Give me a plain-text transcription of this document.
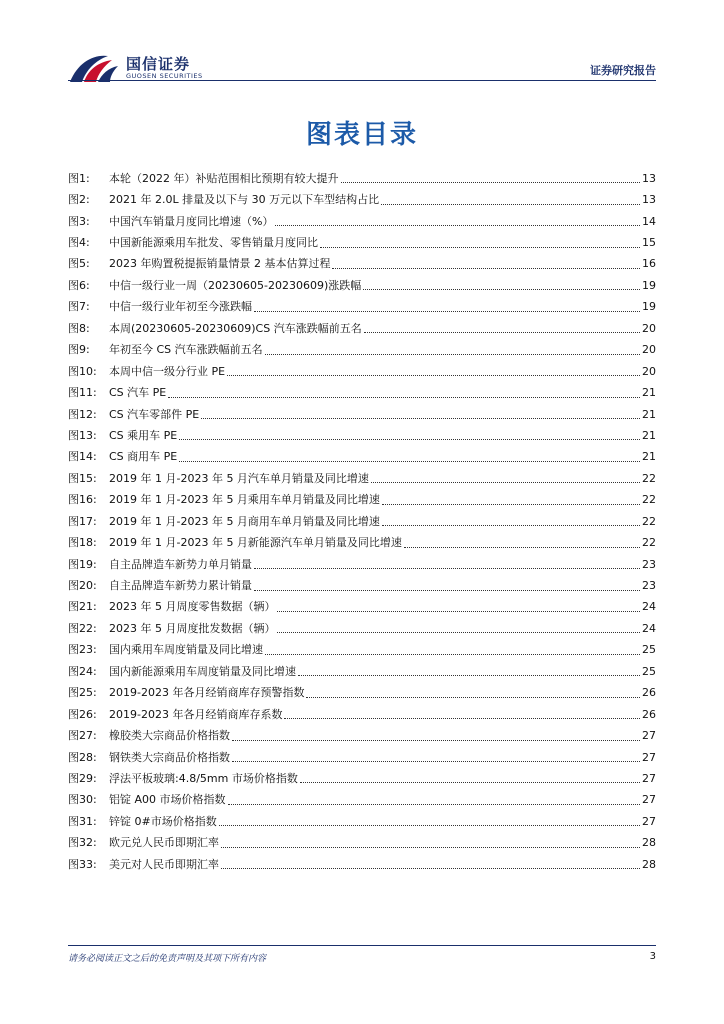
国信证券
GUOSEN SECURITIES	证券研究报告
图表目录
图1:	本轮（2022 年）补贴范围相比预期有较大提升	13
图2:	2021 年 2.0L 排量及以下与 30 万元以下车型结构占比	13
图3:	中国汽车销量月度同比增速（%）	14
图4:	中国新能源乘用车批发、零售销量月度同比	15
图5:	2023 年购置税提振销量情景 2 基本估算过程	16
图6:	中信一级行业一周（20230605-20230609)涨跌幅	19
图7:	中信一级行业年初至今涨跌幅	19
图8:	本周(20230605-20230609)CS 汽车涨跌幅前五名	20
图9:	年初至今 CS 汽车涨跌幅前五名	20
图10:	本周中信一级分行业 PE	20
图11:	CS 汽车 PE	21
图12:	CS 汽车零部件 PE	21
图13:	CS 乘用车 PE	21
图14:	CS 商用车 PE	21
图15:	2019 年 1 月-2023 年 5 月汽车单月销量及同比增速	22
图16:	2019 年 1 月-2023 年 5 月乘用车单月销量及同比增速	22
图17:	2019 年 1 月-2023 年 5 月商用车单月销量及同比增速	22
图18:	2019 年 1 月-2023 年 5 月新能源汽车单月销量及同比增速	22
图19:	自主品牌造车新势力单月销量	23
图20:	自主品牌造车新势力累计销量	23
图21:	2023 年 5 月周度零售数据（辆）	24
图22:	2023 年 5 月周度批发数据（辆）	24
图23:	国内乘用车周度销量及同比增速	25
图24:	国内新能源乘用车周度销量及同比增速	25
图25:	2019-2023 年各月经销商库存预警指数	26
图26:	2019-2023 年各月经销商库存系数	26
图27:	橡胶类大宗商品价格指数	27
图28:	钢铁类大宗商品价格指数	27
图29:	浮法平板玻璃:4.8/5mm 市场价格指数	27
图30:	铝锭 A00 市场价格指数	27
图31:	锌锭 0#市场价格指数	27
图32:	欧元兑人民币即期汇率	28
图33:	美元对人民币即期汇率	28
请务必阅读正文之后的免责声明及其项下所有内容	3
